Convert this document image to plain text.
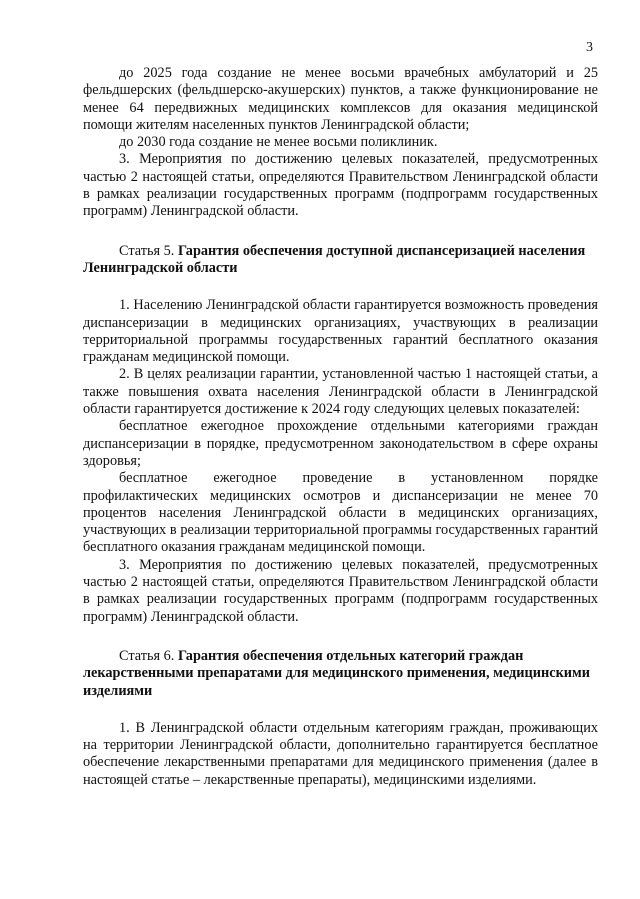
3

до 2025 года создание не менее восьми врачебных амбулаторий и 25 фельдшерских (фельдшерско-акушерских) пунктов, а также функционирование не менее 64 передвижных медицинских комплексов для оказания медицинской помощи жителям населенных пунктов Ленинградской области;

до 2030 года создание не менее восьми поликлиник.

3. Мероприятия по достижению целевых показателей, предусмотренных частью 2 настоящей статьи, определяются Правительством Ленинградской области в рамках реализации государственных программ (подпрограмм государственных программ) Ленинградской области.

Статья 5. Гарантия обеспечения доступной диспансеризацией населения Ленинградской области

1. Населению Ленинградской области гарантируется возможность проведения диспансеризации в медицинских организациях, участвующих в реализации территориальной программы государственных гарантий бесплатного оказания гражданам медицинской помощи.

2. В целях реализации гарантии, установленной частью 1 настоящей статьи, а также повышения охвата населения Ленинградской области в Ленинградской области гарантируется достижение к 2024 году следующих целевых показателей:

бесплатное ежегодное прохождение отдельными категориями граждан диспансеризации в порядке, предусмотренном законодательством в сфере охраны здоровья;

бесплатное ежегодное проведение в установленном порядке профилактических медицинских осмотров и диспансеризации не менее 70 процентов населения Ленинградской области в медицинских организациях, участвующих в реализации территориальной программы государственных гарантий бесплатного оказания гражданам медицинской помощи.

3. Мероприятия по достижению целевых показателей, предусмотренных частью 2 настоящей статьи, определяются Правительством Ленинградской области в рамках реализации государственных программ (подпрограмм государственных программ) Ленинградской области.

Статья 6. Гарантия обеспечения отдельных категорий граждан лекарственными препаратами для медицинского применения, медицинскими изделиями

1. В Ленинградской области отдельным категориям граждан, проживающих на территории Ленинградской области, дополнительно гарантируется бесплатное обеспечение лекарственными препаратами для медицинского применения (далее в настоящей статье – лекарственные препараты), медицинскими изделиями.
